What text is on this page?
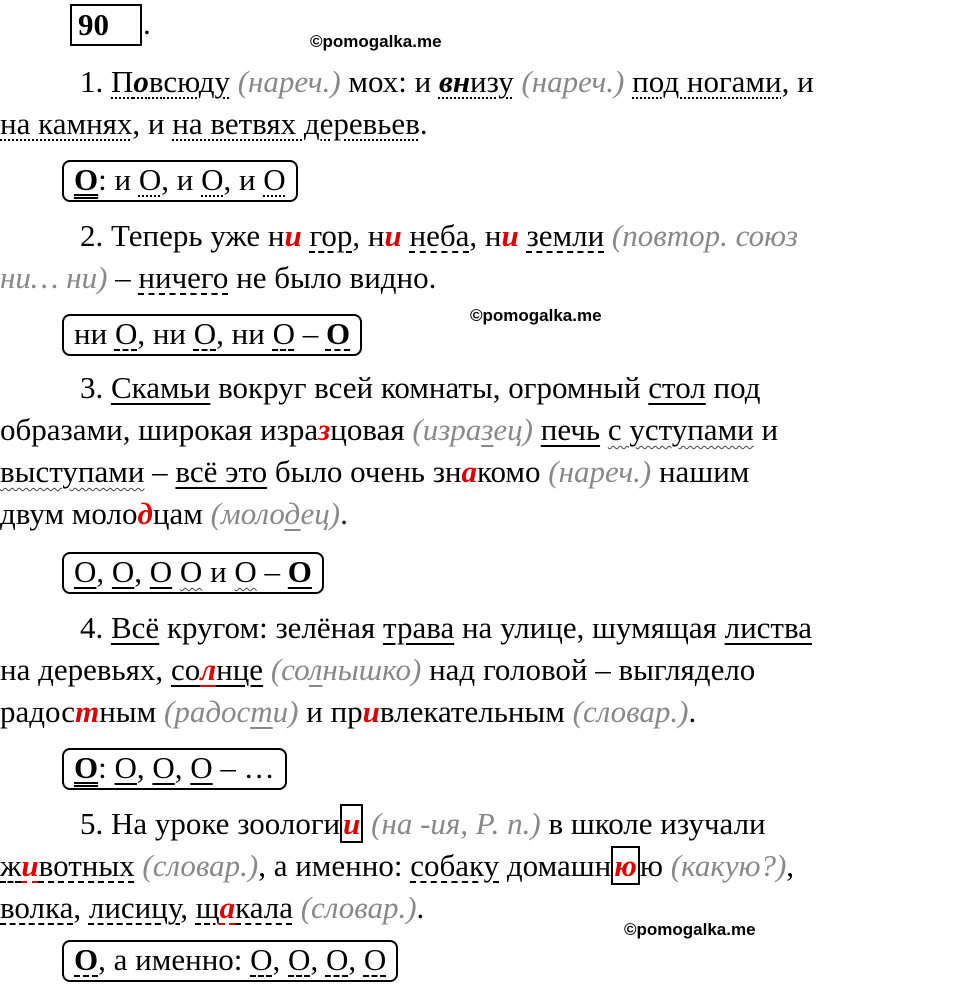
90	.
©pomogalka.me
1. Повсюду (нареч.) мох: и внизу (нареч.) под ногами, и
на камнях, и на ветвях деревьев.
О: и О, и О, и О
2. Теперь уже ни гор, ни неба, ни земли (повтор. союз
ни… ни) – ничего не было видно.
©pomogalka.me
ни О, ни О, ни О – О
3. Скамьи вокруг всей комнаты, огромный стол под
образами, широкая изразцовая (изразец) печь с уступами и
выступами – всё это было очень знакомо (нареч.) нашим
двум молодцам (молодец).
О, О, О О и О – О
4. Всё кругом: зелёная трава на улице, шумящая листва
на деревьях, солнце (солнышко) над головой – выглядело
радостным (радости) и привлекательным (словар.).
О: О, О, О – …
5. На уроке зоологии (на -ия, Р. п.) в школе изучали
животных (словар.), а именно: собаку домашнюю (какую?),
волка, лисицу, щакала (словар.).
©pomogalka.me
О, а именно: О, О, О, О
